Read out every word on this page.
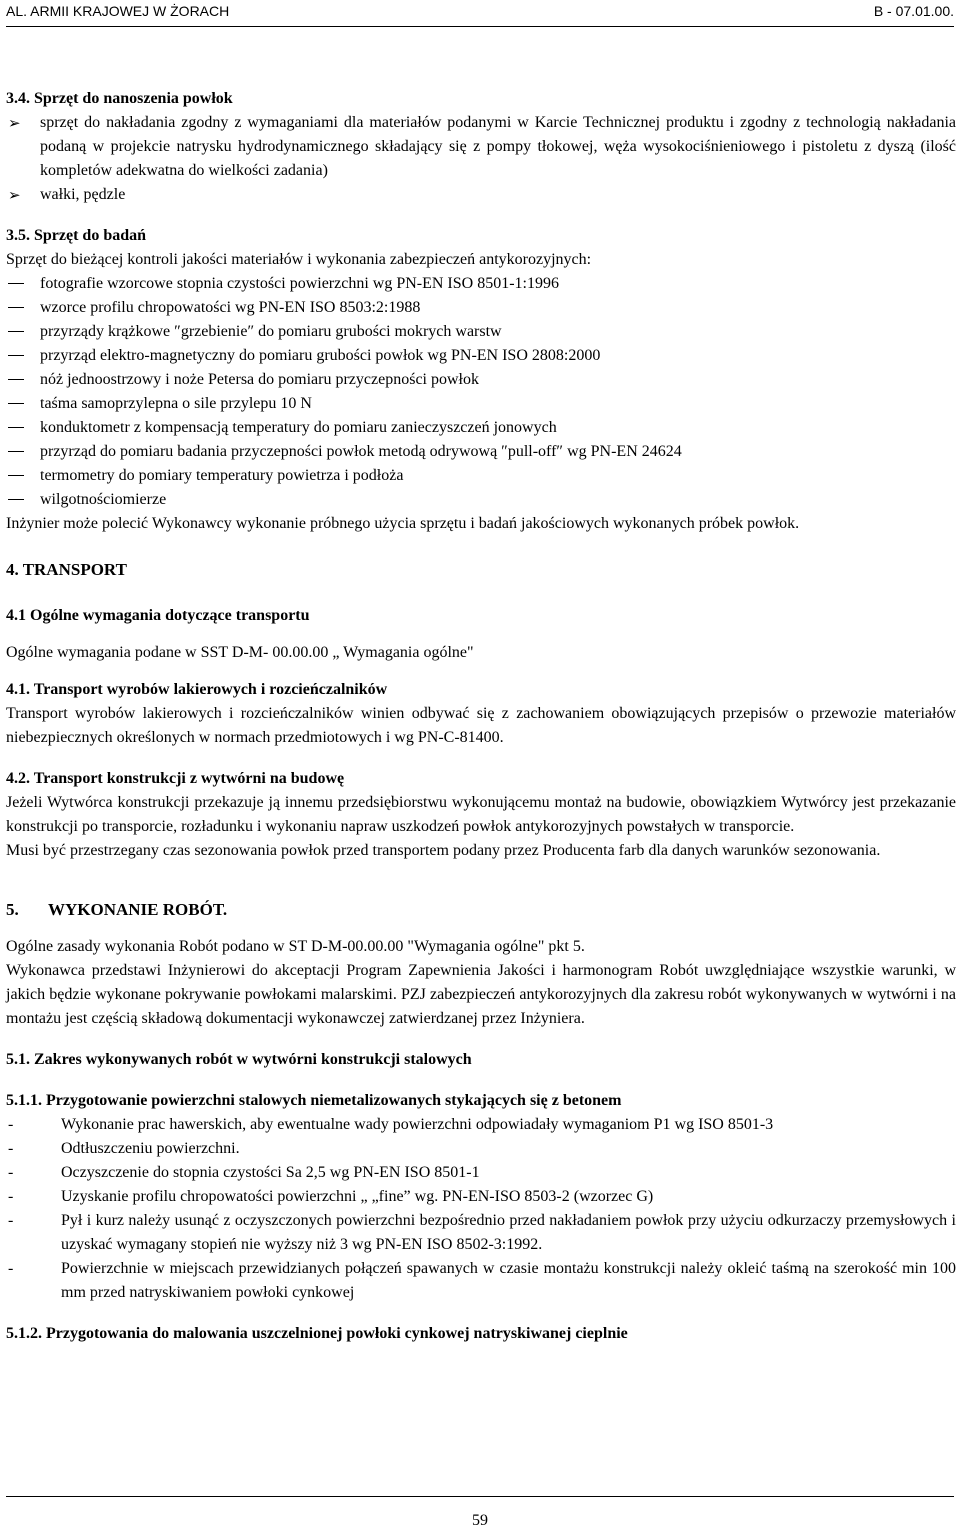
AL. ARMII KRAJOWEJ W ŻORACH	B - 07.01.00.

3.4. Sprzęt do nanoszenia powłok

➢	sprzęt do nakładania zgodny z wymaganiami dla materiałów podanymi w Karcie Technicznej produktu i zgodny z technologią nakładania podaną w projekcie natrysku hydrodynamicznego składający się z pompy tłokowej, węża wysokociśnieniowego i pistoletu z dyszą (ilość kompletów adekwatna do wielkości zadania)
➢	wałki, pędzle

3.5. Sprzęt do badań

Sprzęt do bieżącej kontroli jakości materiałów i wykonania zabezpieczeń antykorozyjnych:

fotografie wzorcowe stopnia czystości powierzchni wg PN-EN ISO 8501-1:1996
wzorce profilu chropowatości wg PN-EN ISO 8503:2:1988
przyrządy krążkowe ″grzebienie″ do pomiaru grubości mokrych warstw
przyrząd elektro-magnetyczny do pomiaru grubości powłok wg PN-EN ISO 2808:2000
nóż jednoostrzowy i noże Petersa do pomiaru przyczepności powłok
taśma samoprzylepna o sile przylepu 10 N
konduktometr z kompensacją temperatury do pomiaru zanieczyszczeń jonowych
przyrząd do pomiaru badania przyczepności powłok metodą odrywową ″pull-off″ wg PN-EN 24624
termometry do pomiary temperatury powietrza i podłoża
wilgotnościomierze

Inżynier może polecić Wykonawcy wykonanie próbnego użycia sprzętu i badań jakościowych wykonanych próbek powłok.

4. TRANSPORT

4.1 Ogólne wymagania dotyczące transportu

Ogólne wymagania podane w SST D-M- 00.00.00 „ Wymagania ogólne"

4.1. Transport wyrobów lakierowych i rozcieńczalników

Transport wyrobów lakierowych i rozcieńczalników winien odbywać się z zachowaniem obowiązujących przepisów o przewozie materiałów niebezpiecznych określonych w normach przedmiotowych i wg PN-C-81400.

4.2. Transport konstrukcji z wytwórni na budowę

Jeżeli Wytwórca konstrukcji przekazuje ją innemu przedsiębiorstwu wykonującemu montaż na budowie, obowiązkiem Wytwórcy jest przekazanie konstrukcji po transporcie, rozładunku i wykonaniu napraw uszkodzeń powłok antykorozyjnych powstałych w transporcie.

Musi być przestrzegany czas sezonowania powłok przed transportem podany przez Producenta farb dla danych warunków sezonowania.

5. WYKONANIE ROBÓT.

Ogólne zasady wykonania Robót podano w ST D-M-00.00.00 "Wymagania ogólne" pkt 5.

Wykonawca przedstawi Inżynierowi do akceptacji Program Zapewnienia Jakości i harmonogram Robót uwzględniające wszystkie warunki, w jakich będzie wykonane pokrywanie powłokami malarskimi. PZJ zabezpieczeń antykorozyjnych dla zakresu robót wykonywanych w wytwórni i na montażu jest częścią składową dokumentacji wykonawczej zatwierdzanej przez Inżyniera.

5.1. Zakres wykonywanych robót w wytwórni konstrukcji stalowych

5.1.1. Przygotowanie powierzchni stalowych niemetalizowanych stykających się z betonem

-	Wykonanie prac hawerskich, aby ewentualne wady powierzchni odpowiadały wymaganiom P1 wg ISO 8501-3
-	Odtłuszczeniu powierzchni.
-	Oczyszczenie do stopnia czystości Sa 2,5 wg PN-EN ISO 8501-1
-	Uzyskanie profilu chropowatości powierzchni „ „fine” wg. PN-EN-ISO 8503-2 (wzorzec G)
-	Pył i kurz należy usunąć z oczyszczonych powierzchni bezpośrednio przed nakładaniem powłok przy użyciu odkurzaczy przemysłowych i uzyskać wymagany stopień nie wyższy niż 3 wg PN-EN ISO 8502-3:1992.
-	Powierzchnie w miejscach przewidzianych połączeń spawanych w czasie montażu konstrukcji należy okleić taśmą na szerokość min 100 mm przed natryskiwaniem powłoki cynkowej

5.1.2. Przygotowania do malowania uszczelnionej powłoki cynkowej natryskiwanej cieplnie

59
